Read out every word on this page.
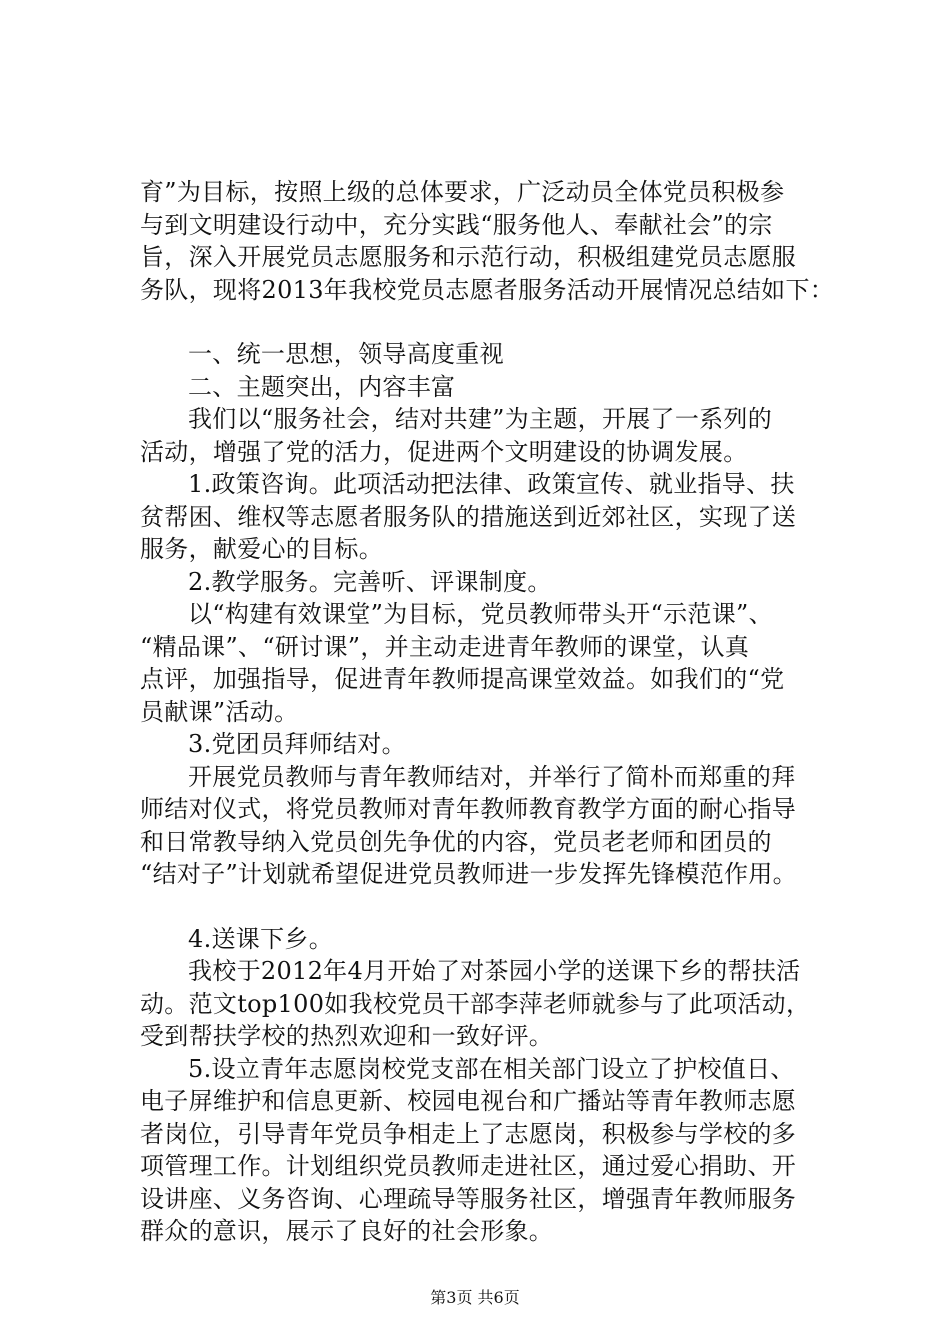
育”为目标，按照上级的总体要求，广泛动员全体党员积极参
与到文明建设行动中，充分实践“服务他人、奉献社会”的宗
旨，深入开展党员志愿服务和示范行动，积极组建党员志愿服
务队，现将2013年我校党员志愿者服务活动开展情况总结如下：
一、统一思想，领导高度重视
二、主题突出，内容丰富
我们以“服务社会，结对共建”为主题，开展了一系列的
活动，增强了党的活力，促进两个文明建设的协调发展。
1.政策咨询。此项活动把法律、政策宣传、就业指导、扶
贫帮困、维权等志愿者服务队的措施送到近郊社区，实现了送
服务，献爱心的目标。
2.教学服务。完善听、评课制度。
以“构建有效课堂”为目标，党员教师带头开“示范课”、
“精品课”、“研讨课”，并主动走进青年教师的课堂，认真
点评，加强指导，促进青年教师提高课堂效益。如我们的“党
员献课”活动。
3.党团员拜师结对。
开展党员教师与青年教师结对，并举行了简朴而郑重的拜
师结对仪式，将党员教师对青年教师教育教学方面的耐心指导
和日常教导纳入党员创先争优的内容，党员老老师和团员的
“结对子”计划就希望促进党员教师进一步发挥先锋模范作用。
4.送课下乡。
我校于2012年4月开始了对茶园小学的送课下乡的帮扶活
动。范文top100如我校党员干部李萍老师就参与了此项活动，
受到帮扶学校的热烈欢迎和一致好评。
5.设立青年志愿岗校党支部在相关部门设立了护校值日、
电子屏维护和信息更新、校园电视台和广播站等青年教师志愿
者岗位，引导青年党员争相走上了志愿岗，积极参与学校的多
项管理工作。计划组织党员教师走进社区，通过爱心捐助、开
设讲座、义务咨询、心理疏导等服务社区，增强青年教师服务
群众的意识，展示了良好的社会形象。
第3页 共6页
